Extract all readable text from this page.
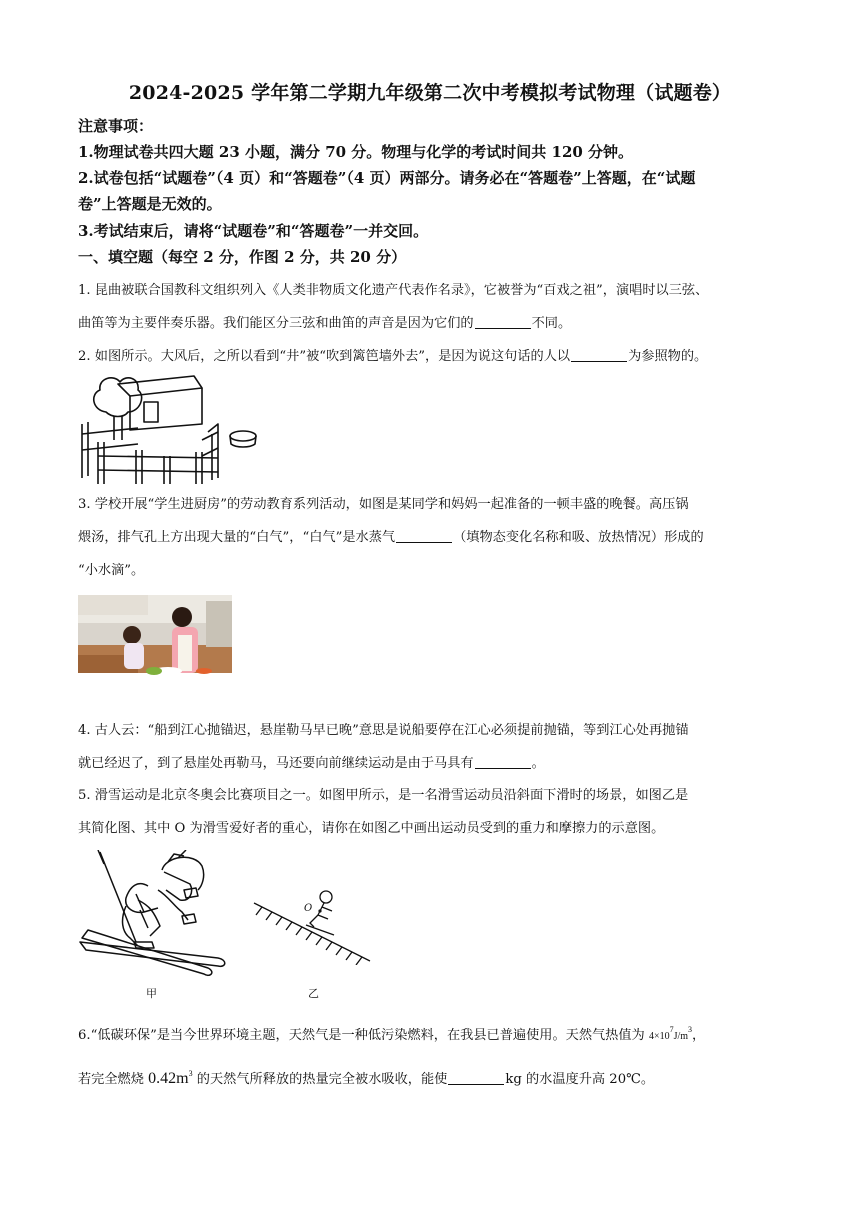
2024-2025 学年第二学期九年级第二次中考模拟考试物理（试题卷）
注意事项：
1.物理试卷共四大题 23 小题，满分 70 分。物理与化学的考试时间共 120 分钟。
2.试卷包括“试题卷”（4 页）和“答题卷”（4 页）两部分。请务必在“答题卷”上答题，在“试题
卷”上答题是无效的。
3.考试结束后，请将“试题卷”和“答题卷”一并交回。
一、填空题（每空 2 分，作图 2 分，共 20 分）
1. 昆曲被联合国教科文组织列入《人类非物质文化遗产代表作名录》，它被誉为“百戏之祖”，演唱时以三弦、
曲笛等为主要伴奏乐器。我们能区分三弦和曲笛的声音是因为它们的	不同。
2. 如图所示。大风后，之所以看到“井”被“吹到篱笆墙外去”，是因为说这句话的人以	为参照物的。
3. 学校开展“学生进厨房”的劳动教育系列活动，如图是某同学和妈妈一起准备的一顿丰盛的晚餐。高压锅
煨汤，排气孔上方出现大量的“白气”，“白气”是水蒸气	（填物态变化名称和吸、放热情况）形成的
“小水滴”。
4. 古人云：“船到江心抛锚迟，悬崖勒马早已晚”意思是说船要停在江心必须提前抛锚，等到江心处再抛锚
就已经迟了，到了悬崖处再勒马，马还要向前继续运动是由于马具有	。
5. 滑雪运动是北京冬奥会比赛项目之一。如图甲所示，是一名滑雪运动员沿斜面下滑时的场景，如图乙是
其简化图、其中 O 为滑雪爱好者的重心，请你在如图乙中画出运动员受到的重力和摩擦力的示意图。
甲
O
乙
6.“低碳环保”是当今世界环境主题，天然气是一种低污染燃料，在我县已普遍使用。天然气热值为 $4\times 10^7J/m^3$，
若完全燃烧 $0.42m^3$ 的天然气所释放的热量完全被水吸收，能使	kg 的水温度升高 20℃。
